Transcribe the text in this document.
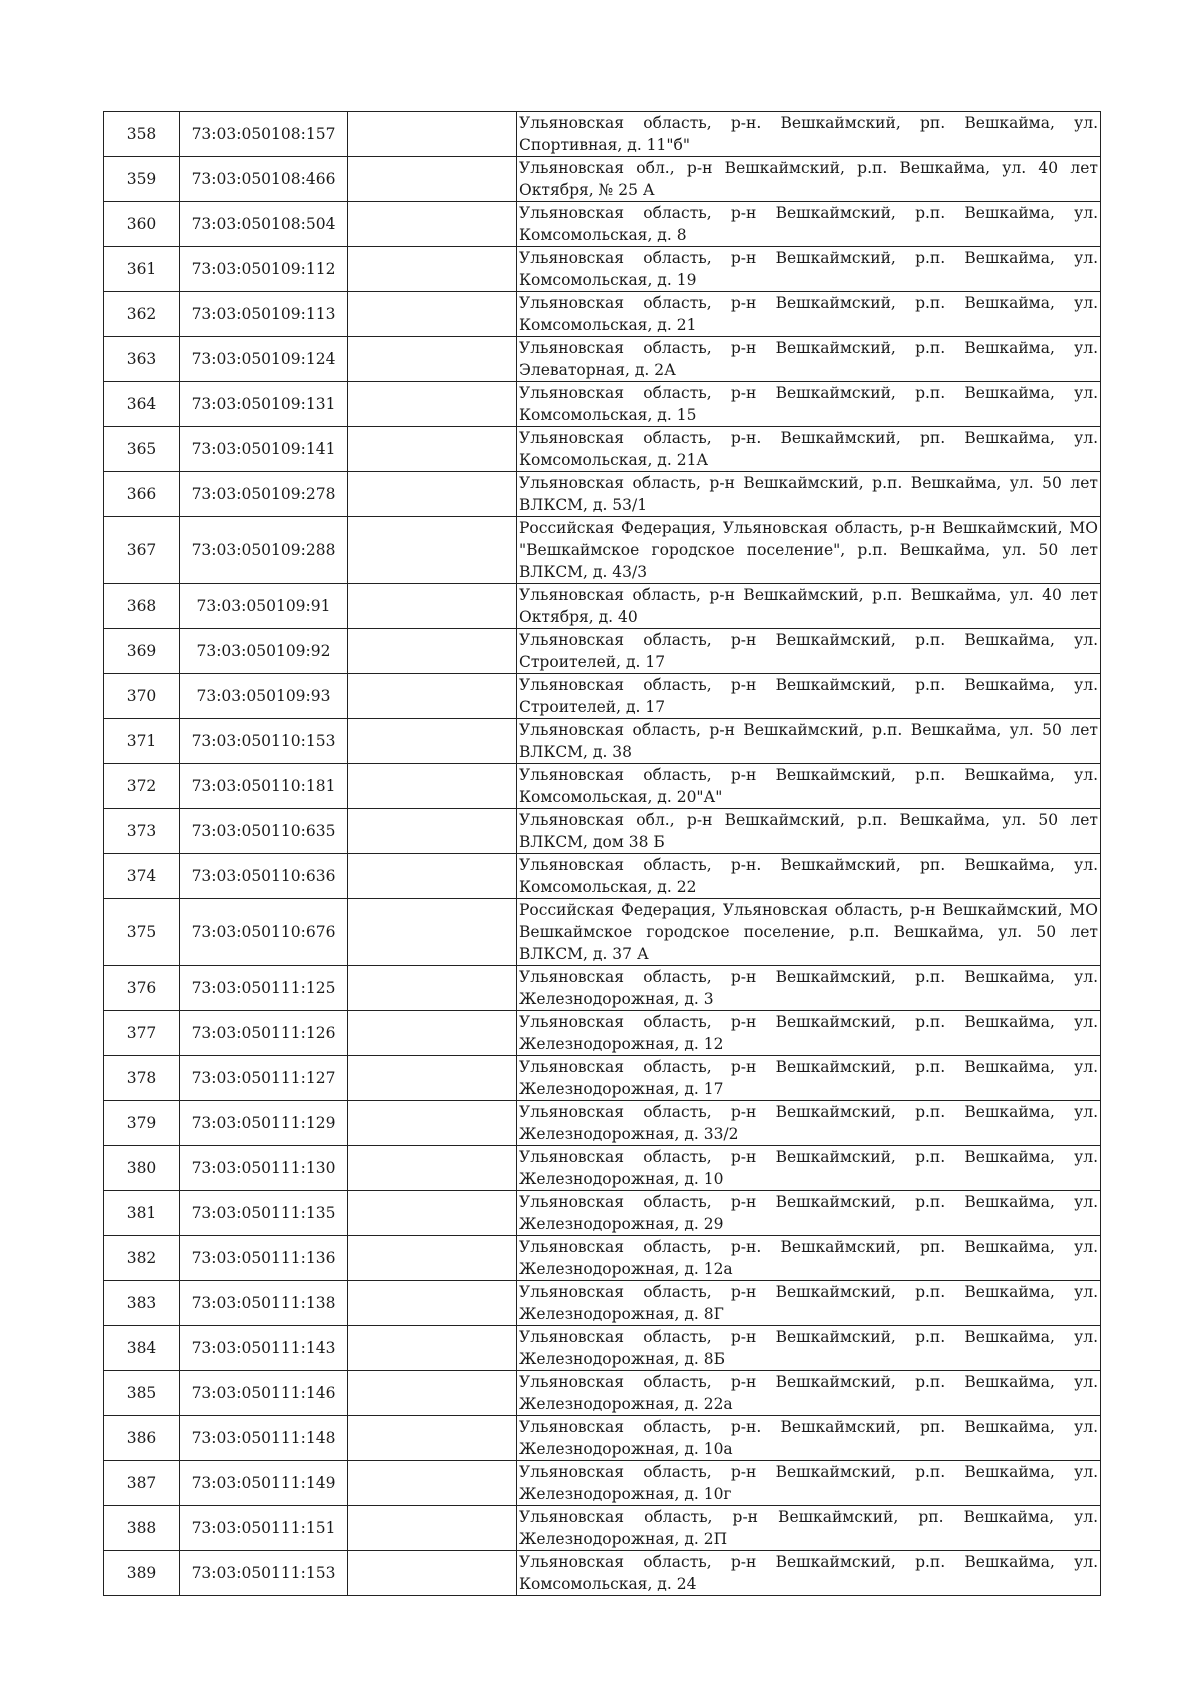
358	73:03:050108:157		Ульяновская область, р-н. Вешкаймский, рп. Вешкайма, ул. Спортивная, д. 11"б"
359	73:03:050108:466		Ульяновская обл., р-н Вешкаймский, р.п. Вешкайма, ул. 40 лет Октября, № 25 А
360	73:03:050108:504		Ульяновская область, р-н Вешкаймский, р.п. Вешкайма, ул. Комсомольская, д. 8
361	73:03:050109:112		Ульяновская область, р-н Вешкаймский, р.п. Вешкайма, ул. Комсомольская, д. 19
362	73:03:050109:113		Ульяновская область, р-н Вешкаймский, р.п. Вешкайма, ул. Комсомольская, д. 21
363	73:03:050109:124		Ульяновская область, р-н Вешкаймский, р.п. Вешкайма, ул. Элеваторная, д. 2А
364	73:03:050109:131		Ульяновская область, р-н Вешкаймский, р.п. Вешкайма, ул. Комсомольская, д. 15
365	73:03:050109:141		Ульяновская область, р-н. Вешкаймский, рп. Вешкайма, ул. Комсомольская, д. 21А
366	73:03:050109:278		Ульяновская область, р-н Вешкаймский, р.п. Вешкайма, ул. 50 лет ВЛКСМ, д. 53/1
367	73:03:050109:288		Российская Федерация, Ульяновская область, р-н Вешкаймский, МО "Вешкаймское городское поселение", р.п. Вешкайма, ул. 50 лет ВЛКСМ, д. 43/3
368	73:03:050109:91		Ульяновская область, р-н Вешкаймский, р.п. Вешкайма, ул. 40 лет Октября, д. 40
369	73:03:050109:92		Ульяновская область, р-н Вешкаймский, р.п. Вешкайма, ул. Строителей, д. 17
370	73:03:050109:93		Ульяновская область, р-н Вешкаймский, р.п. Вешкайма, ул. Строителей, д. 17
371	73:03:050110:153		Ульяновская область, р-н Вешкаймский, р.п. Вешкайма, ул. 50 лет ВЛКСМ, д. 38
372	73:03:050110:181		Ульяновская область, р-н Вешкаймский, р.п. Вешкайма, ул. Комсомольская, д. 20"А"
373	73:03:050110:635		Ульяновская обл., р-н Вешкаймский, р.п. Вешкайма, ул. 50 лет ВЛКСМ, дом 38 Б
374	73:03:050110:636		Ульяновская область, р-н. Вешкаймский, рп. Вешкайма, ул. Комсомольская, д. 22
375	73:03:050110:676		Российская Федерация, Ульяновская область, р-н Вешкаймский, МО Вешкаймское городское поселение, р.п. Вешкайма, ул. 50 лет ВЛКСМ, д. 37 А
376	73:03:050111:125		Ульяновская область, р-н Вешкаймский, р.п. Вешкайма, ул. Железнодорожная, д. 3
377	73:03:050111:126		Ульяновская область, р-н Вешкаймский, р.п. Вешкайма, ул. Железнодорожная, д. 12
378	73:03:050111:127		Ульяновская область, р-н Вешкаймский, р.п. Вешкайма, ул. Железнодорожная, д. 17
379	73:03:050111:129		Ульяновская область, р-н Вешкаймский, р.п. Вешкайма, ул. Железнодорожная, д. 33/2
380	73:03:050111:130		Ульяновская область, р-н Вешкаймский, р.п. Вешкайма, ул. Железнодорожная, д. 10
381	73:03:050111:135		Ульяновская область, р-н Вешкаймский, р.п. Вешкайма, ул. Железнодорожная, д. 29
382	73:03:050111:136		Ульяновская область, р-н. Вешкаймский, рп. Вешкайма, ул. Железнодорожная, д. 12а
383	73:03:050111:138		Ульяновская область, р-н Вешкаймский, р.п. Вешкайма, ул. Железнодорожная, д. 8Г
384	73:03:050111:143		Ульяновская область, р-н Вешкаймский, р.п. Вешкайма, ул. Железнодорожная, д. 8Б
385	73:03:050111:146		Ульяновская область, р-н Вешкаймский, р.п. Вешкайма, ул. Железнодорожная, д. 22а
386	73:03:050111:148		Ульяновская область, р-н. Вешкаймский, рп. Вешкайма, ул. Железнодорожная, д. 10а
387	73:03:050111:149		Ульяновская область, р-н Вешкаймский, р.п. Вешкайма, ул. Железнодорожная, д. 10г
388	73:03:050111:151		Ульяновская область, р-н Вешкаймский, рп. Вешкайма, ул. Железнодорожная, д. 2П
389	73:03:050111:153		Ульяновская область, р-н Вешкаймский, р.п. Вешкайма, ул. Комсомольская, д. 24
